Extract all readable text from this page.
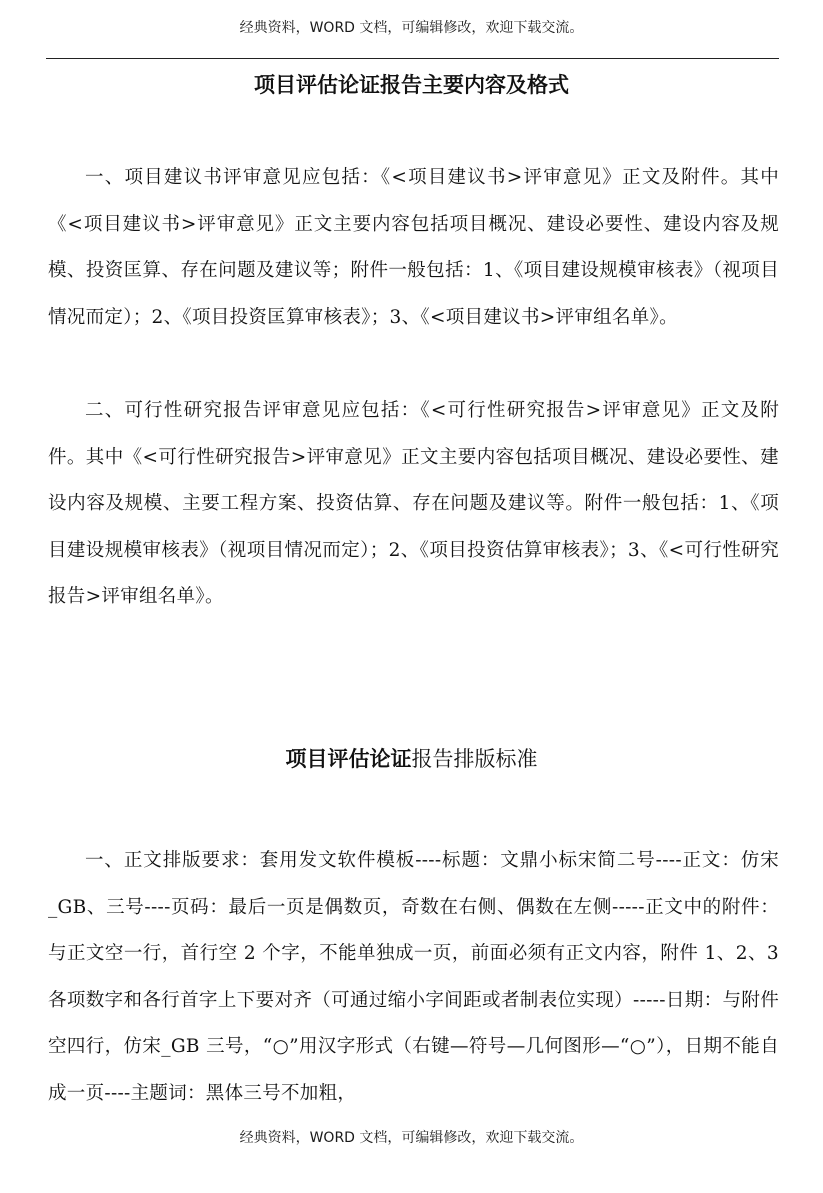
经典资料，WORD 文档，可编辑修改，欢迎下载交流。
项目评估论证报告主要内容及格式

一、项目建议书评审意见应包括：《<项目建议书>评审意见》正文及附件。其中《<项目建议书>评审意见》正文主要内容包括项目概况、建设必要性、建设内容及规模、投资匡算、存在问题及建议等；附件一般包括：1、《项目建设规模审核表》（视项目情况而定）；2、《项目投资匡算审核表》；3、《<项目建议书>评审组名单》。

二、可行性研究报告评审意见应包括：《<可行性研究报告>评审意见》正文及附件。其中《<可行性研究报告>评审意见》正文主要内容包括项目概况、建设必要性、建设内容及规模、主要工程方案、投资估算、存在问题及建议等。附件一般包括：1、《项目建设规模审核表》（视项目情况而定）；2、《项目投资估算审核表》；3、《<可行性研究报告>评审组名单》。

项目评估论证报告排版标准

一、正文排版要求：套用发文软件模板----标题：文鼎小标宋简二号----正文：仿宋_GB、三号----页码：最后一页是偶数页，奇数在右侧、偶数在左侧-----正文中的附件：与正文空一行，首行空 2 个字，不能单独成一页，前面必须有正文内容，附件 1、2、3 各项数字和各行首字上下要对齐（可通过缩小字间距或者制表位实现）-----日期：与附件空四行，仿宋_GB 三号，“○”用汉字形式（右键—符号—几何图形—“○”），日期不能自成一页----主题词：黑体三号不加粗，

经典资料，WORD 文档，可编辑修改，欢迎下载交流。
